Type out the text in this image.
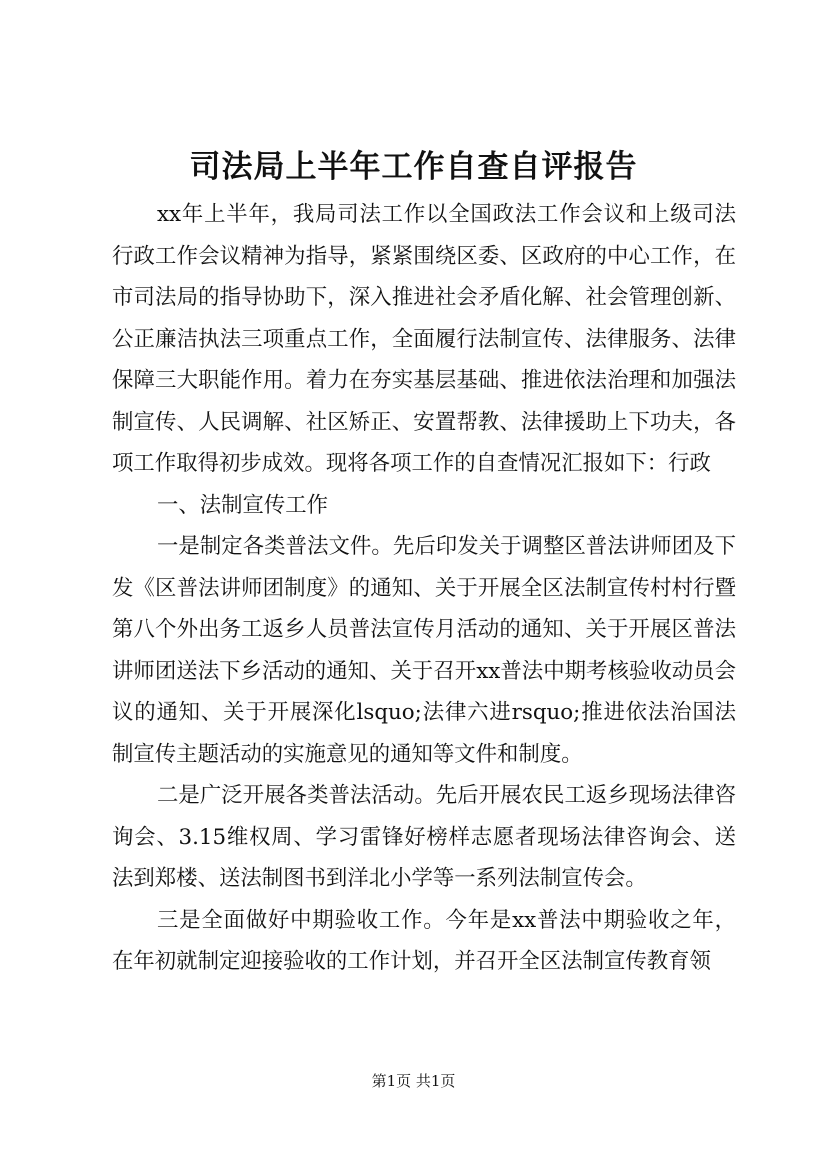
司法局上半年工作自查自评报告

xx年上半年，我局司法工作以全国政法工作会议和上级司法行政工作会议精神为指导，紧紧围绕区委、区政府的中心工作，在市司法局的指导协助下，深入推进社会矛盾化解、社会管理创新、公正廉洁执法三项重点工作，全面履行法制宣传、法律服务、法律保障三大职能作用。着力在夯实基层基础、推进依法治理和加强法制宣传、人民调解、社区矫正、安置帮教、法律援助上下功夫，各项工作取得初步成效。现将各项工作的自查情况汇报如下：行政

一、法制宣传工作

一是制定各类普法文件。先后印发关于调整区普法讲师团及下发《区普法讲师团制度》的通知、关于开展全区法制宣传村村行暨第八个外出务工返乡人员普法宣传月活动的通知、关于开展区普法讲师团送法下乡活动的通知、关于召开xx普法中期考核验收动员会议的通知、关于开展深化lsquo;法律六进rsquo;推进依法治国法制宣传主题活动的实施意见的通知等文件和制度。

二是广泛开展各类普法活动。先后开展农民工返乡现场法律咨询会、3.15维权周、学习雷锋好榜样志愿者现场法律咨询会、送法到郑楼、送法制图书到洋北小学等一系列法制宣传会。

三是全面做好中期验收工作。今年是xx普法中期验收之年，在年初就制定迎接验收的工作计划，并召开全区法制宣传教育领

第1页 共1页
